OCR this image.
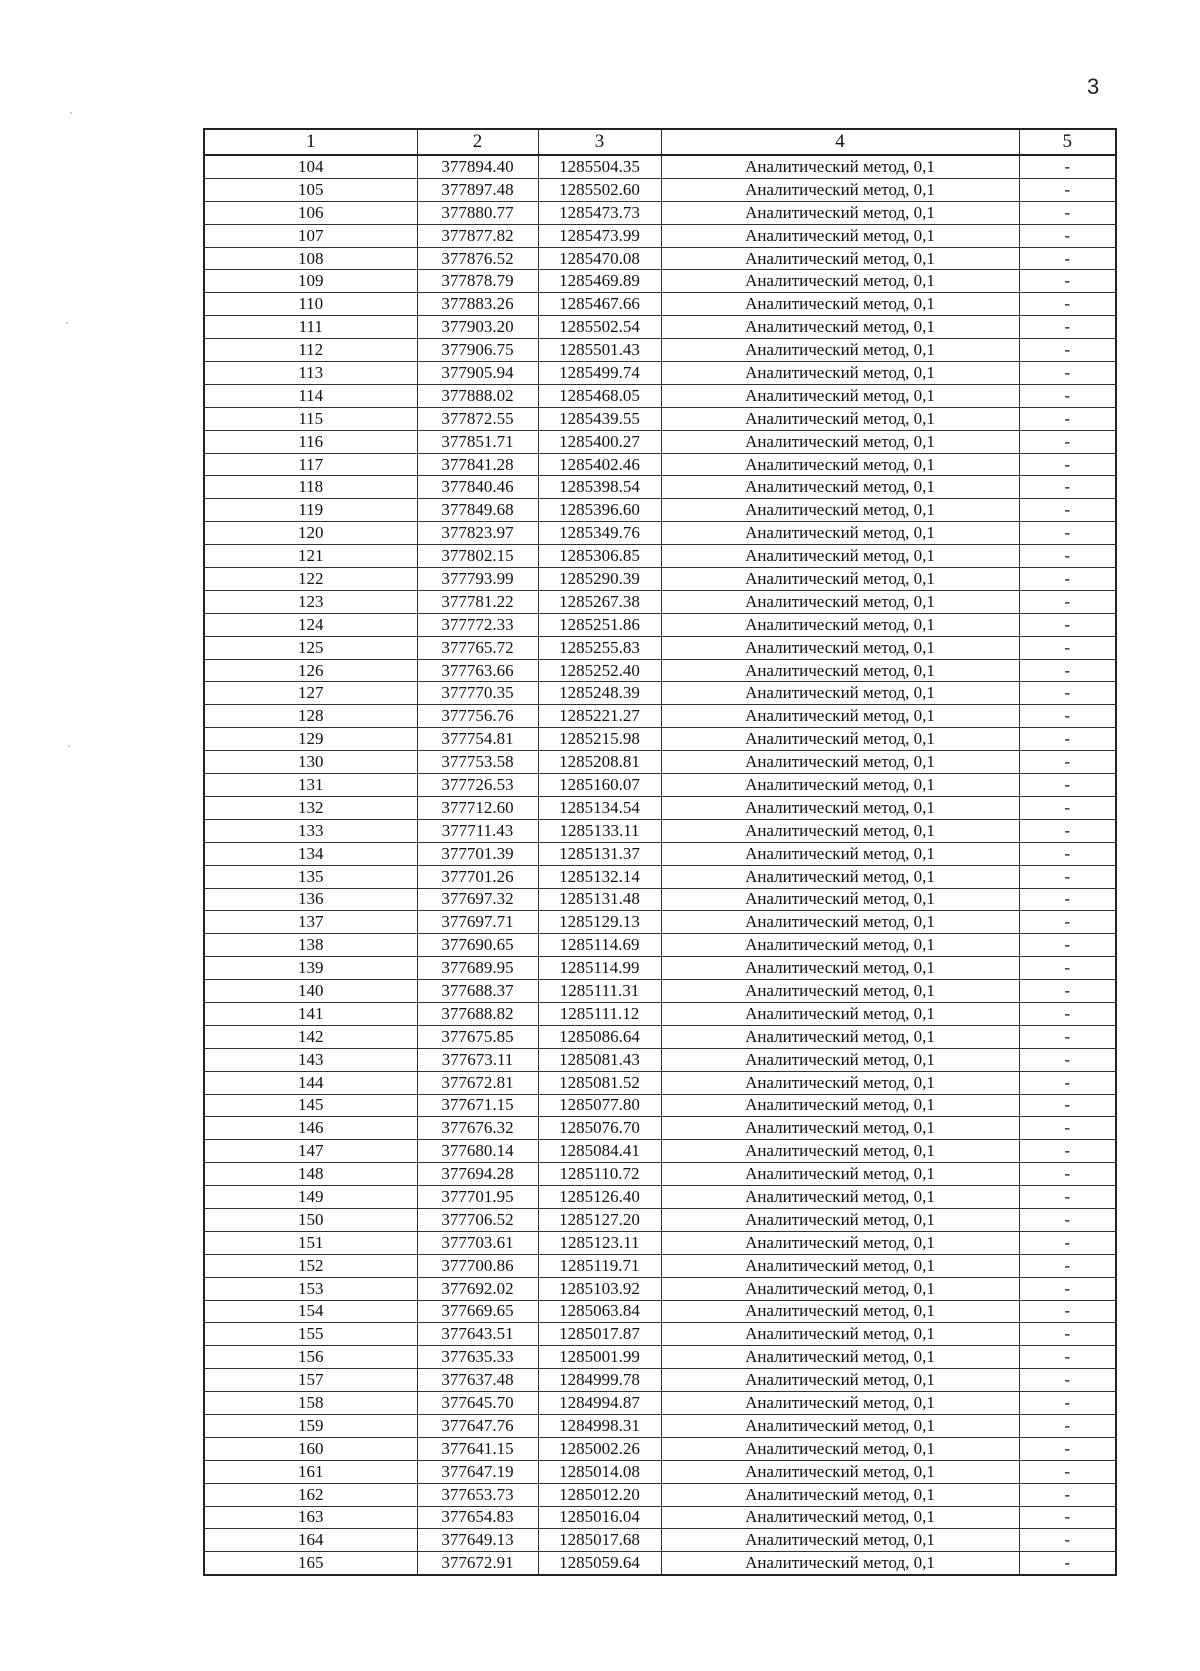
3
1	2	3	4	5
104	377894.40	1285504.35	Аналитический метод, 0,1	-
105	377897.48	1285502.60	Аналитический метод, 0,1	-
106	377880.77	1285473.73	Аналитический метод, 0,1	-
107	377877.82	1285473.99	Аналитический метод, 0,1	-
108	377876.52	1285470.08	Аналитический метод, 0,1	-
109	377878.79	1285469.89	Аналитический метод, 0,1	-
110	377883.26	1285467.66	Аналитический метод, 0,1	-
111	377903.20	1285502.54	Аналитический метод, 0,1	-
112	377906.75	1285501.43	Аналитический метод, 0,1	-
113	377905.94	1285499.74	Аналитический метод, 0,1	-
114	377888.02	1285468.05	Аналитический метод, 0,1	-
115	377872.55	1285439.55	Аналитический метод, 0,1	-
116	377851.71	1285400.27	Аналитический метод, 0,1	-
117	377841.28	1285402.46	Аналитический метод, 0,1	-
118	377840.46	1285398.54	Аналитический метод, 0,1	-
119	377849.68	1285396.60	Аналитический метод, 0,1	-
120	377823.97	1285349.76	Аналитический метод, 0,1	-
121	377802.15	1285306.85	Аналитический метод, 0,1	-
122	377793.99	1285290.39	Аналитический метод, 0,1	-
123	377781.22	1285267.38	Аналитический метод, 0,1	-
124	377772.33	1285251.86	Аналитический метод, 0,1	-
125	377765.72	1285255.83	Аналитический метод, 0,1	-
126	377763.66	1285252.40	Аналитический метод, 0,1	-
127	377770.35	1285248.39	Аналитический метод, 0,1	-
128	377756.76	1285221.27	Аналитический метод, 0,1	-
129	377754.81	1285215.98	Аналитический метод, 0,1	-
130	377753.58	1285208.81	Аналитический метод, 0,1	-
131	377726.53	1285160.07	Аналитический метод, 0,1	-
132	377712.60	1285134.54	Аналитический метод, 0,1	-
133	377711.43	1285133.11	Аналитический метод, 0,1	-
134	377701.39	1285131.37	Аналитический метод, 0,1	-
135	377701.26	1285132.14	Аналитический метод, 0,1	-
136	377697.32	1285131.48	Аналитический метод, 0,1	-
137	377697.71	1285129.13	Аналитический метод, 0,1	-
138	377690.65	1285114.69	Аналитический метод, 0,1	-
139	377689.95	1285114.99	Аналитический метод, 0,1	-
140	377688.37	1285111.31	Аналитический метод, 0,1	-
141	377688.82	1285111.12	Аналитический метод, 0,1	-
142	377675.85	1285086.64	Аналитический метод, 0,1	-
143	377673.11	1285081.43	Аналитический метод, 0,1	-
144	377672.81	1285081.52	Аналитический метод, 0,1	-
145	377671.15	1285077.80	Аналитический метод, 0,1	-
146	377676.32	1285076.70	Аналитический метод, 0,1	-
147	377680.14	1285084.41	Аналитический метод, 0,1	-
148	377694.28	1285110.72	Аналитический метод, 0,1	-
149	377701.95	1285126.40	Аналитический метод, 0,1	-
150	377706.52	1285127.20	Аналитический метод, 0,1	-
151	377703.61	1285123.11	Аналитический метод, 0,1	-
152	377700.86	1285119.71	Аналитический метод, 0,1	-
153	377692.02	1285103.92	Аналитический метод, 0,1	-
154	377669.65	1285063.84	Аналитический метод, 0,1	-
155	377643.51	1285017.87	Аналитический метод, 0,1	-
156	377635.33	1285001.99	Аналитический метод, 0,1	-
157	377637.48	1284999.78	Аналитический метод, 0,1	-
158	377645.70	1284994.87	Аналитический метод, 0,1	-
159	377647.76	1284998.31	Аналитический метод, 0,1	-
160	377641.15	1285002.26	Аналитический метод, 0,1	-
161	377647.19	1285014.08	Аналитический метод, 0,1	-
162	377653.73	1285012.20	Аналитический метод, 0,1	-
163	377654.83	1285016.04	Аналитический метод, 0,1	-
164	377649.13	1285017.68	Аналитический метод, 0,1	-
165	377672.91	1285059.64	Аналитический метод, 0,1	-
